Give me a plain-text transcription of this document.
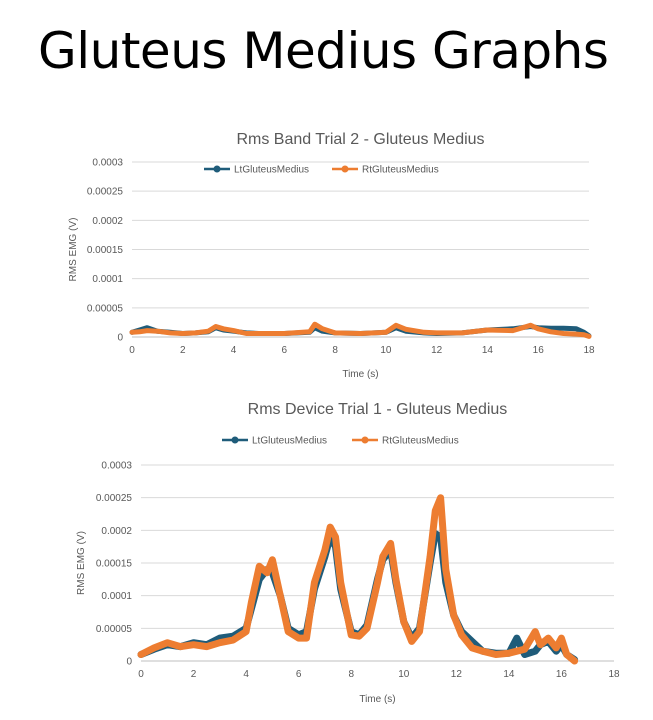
Gluteus Medius Graphs
Rms Band Trial 2 - Gluteus Medius
0
0.00005
0.0001
0.00015
0.0002
0.00025
0.0003
0	2	4	6	8	10	12	14	16	18
Time (s)
RMS EMG (V)
LtGluteusMedius	RtGluteusMedius
Rms Device Trial 1 - Gluteus Medius
0
0.00005
0.0001
0.00015
0.0002
0.00025
0.0003
0	2	4	6	8	10	12	14	16	18
Time (s)
RMS EMG (V)
LtGluteusMedius	RtGluteusMedius
